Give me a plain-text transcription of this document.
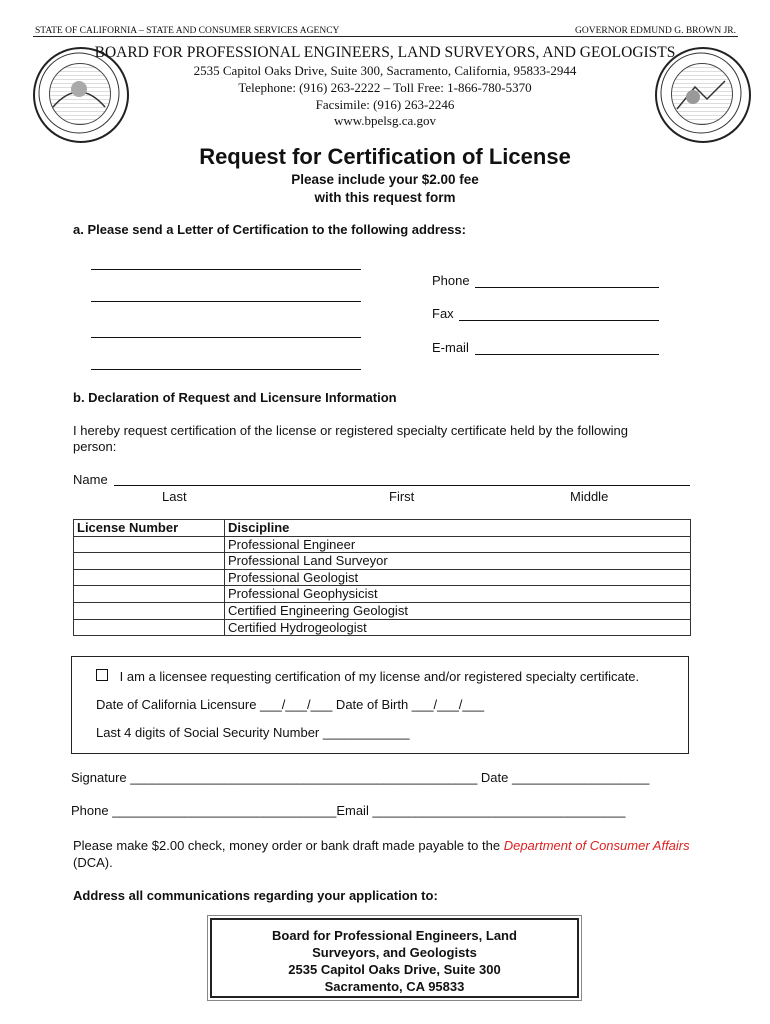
STATE OF CALIFORNIA – STATE AND CONSUMER SERVICES AGENCY	GOVERNOR EDMUND G. BROWN JR.
BOARD FOR PROFESSIONAL ENGINEERS, LAND SURVEYORS, AND GEOLOGISTS
2535 Capitol Oaks Drive, Suite 300, Sacramento, California, 95833-2944
Telephone: (916) 263-2222 – Toll Free: 1-866-780-5370
Facsimile: (916) 263-2246
www.bpelsg.ca.gov
Request for Certification of License
Please include your $2.00 fee
with this request form
a. Please send a Letter of Certification to the following address:
Phone
Fax
E-mail
b. Declaration of Request and Licensure Information
I hereby request certification of the license or registered specialty certificate held by the following
person:
Name
Last	First	Middle
License Number	Discipline
	Professional Engineer
	Professional Land Surveyor
	Professional Geologist
	Professional Geophysicist
	Certified Engineering Geologist
	Certified Hydrogeologist
I am a licensee requesting certification of my license and/or registered specialty certificate.
Date of California Licensure ___/___/___ Date of Birth ___/___/___
Last 4 digits of Social Security Number ____________
Signature ________________________________________________ Date ___________________
Phone _______________________________Email ___________________________________
Please make $2.00 check, money order or bank draft made payable to the Department of Consumer Affairs (DCA).
Address all communications regarding your application to:

Board for Professional Engineers, Land

Surveyors, and Geologists

2535 Capitol Oaks Drive, Suite 300

Sacramento, CA 95833
